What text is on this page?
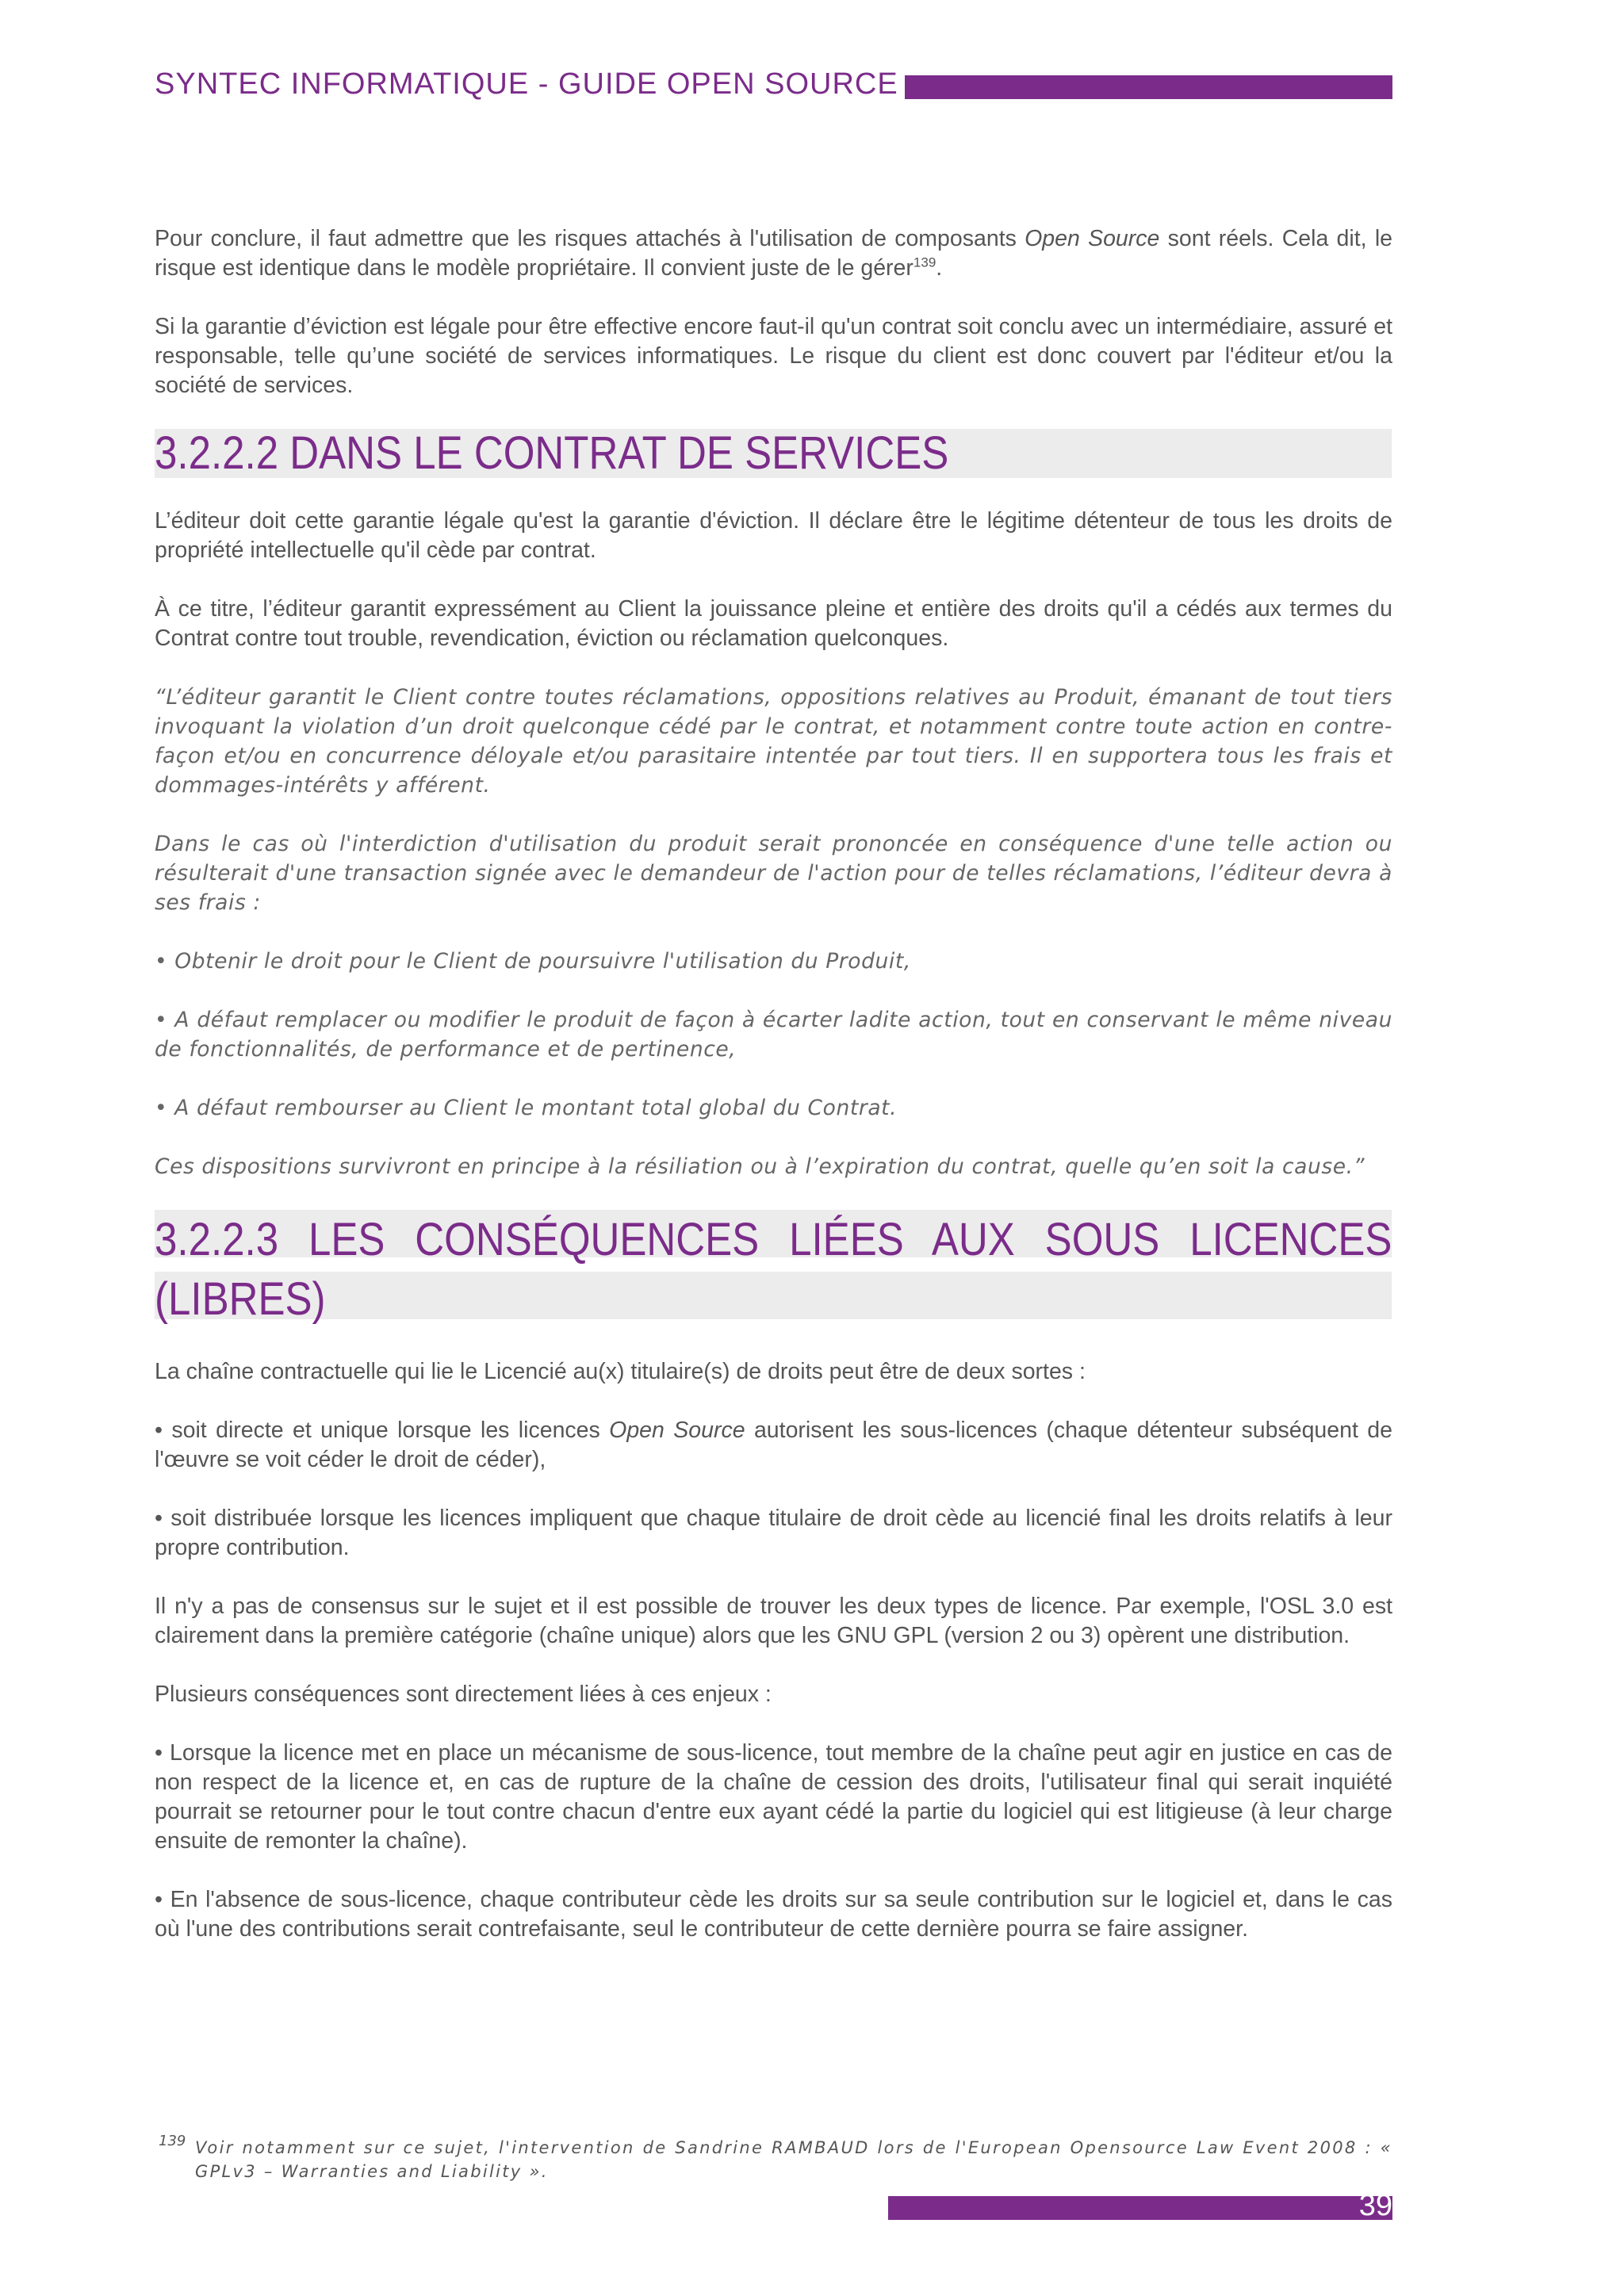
SYNTEC INFORMATIQUE - GUIDE OPEN SOURCE

Pour conclure, il faut admettre que les risques attachés à l'utilisation de composants Open Source sont réels. Cela dit, le risque est identique dans le modèle propriétaire. Il convient juste de le gérer$^{139}$.

Si la garantie d’éviction est légale pour être effective encore faut-il qu'un contrat soit conclu avec un intermédiaire, assuré et responsable, telle qu’une société de services informatiques. Le risque du client est donc couvert par l'éditeur et/ou la société de services.

3.2.2.2 DANS LE CONTRAT DE SERVICES

L’éditeur doit cette garantie légale qu'est la garantie d'éviction. Il déclare être le légitime détenteur de tous les droits de propriété intellectuelle qu'il cède par contrat.

À ce titre, l’éditeur garantit expressément au Client la jouissance pleine et entière des droits qu'il a cédés aux termes du Contrat contre tout trouble, revendication, éviction ou réclamation quelconques.

“L’éditeur garantit le Client contre toutes réclamations, oppositions relatives au Produit, émanant de tout tiers invoquant la violation d’un droit quelconque cédé par le contrat, et notamment contre toute action en contre-façon et/ou en concurrence déloyale et/ou parasitaire intentée par tout tiers. Il en supportera tous les frais et dommages-intérêts y afférent.

Dans le cas où l'interdiction d'utilisation du produit serait prononcée en conséquence d'une telle action ou résulterait d'une transaction signée avec le demandeur de l'action pour de telles réclamations, l’éditeur devra à ses frais :

• Obtenir le droit pour le Client de poursuivre l'utilisation du Produit,

• A défaut remplacer ou modifier le produit de façon à écarter ladite action, tout en conservant le même niveau de fonctionnalités, de performance et de pertinence,

• A défaut rembourser au Client le montant total global du Contrat.

Ces dispositions survivront en principe à la résiliation ou à l’expiration du contrat, quelle qu’en soit la cause.”

3.2.2.3 LES CONSÉQUENCES LIÉES AUX SOUS LICENCES (LIBRES)

La chaîne contractuelle qui lie le Licencié au(x) titulaire(s) de droits peut être de deux sortes :

• soit directe et unique lorsque les licences Open Source autorisent les sous-licences (chaque détenteur subséquent de l'œuvre se voit céder le droit de céder),

• soit distribuée lorsque les licences impliquent que chaque titulaire de droit cède au licencié final les droits relatifs à leur propre contribution.

Il n'y a pas de consensus sur le sujet et il est possible de trouver les deux types de licence. Par exemple, l'OSL 3.0 est clairement dans la première catégorie (chaîne unique) alors que les GNU GPL (version 2 ou 3) opèrent une distribution.

Plusieurs conséquences sont directement liées à ces enjeux :

• Lorsque la licence met en place un mécanisme de sous-licence, tout membre de la chaîne peut agir en justice en cas de non respect de la licence et, en cas de rupture de la chaîne de cession des droits, l'utilisateur final qui serait inquiété pourrait se retourner pour le tout contre chacun d'entre eux ayant cédé la partie du logiciel qui est litigieuse (à leur charge ensuite de remonter la chaîne).

• En l'absence de sous-licence, chaque contributeur cède les droits sur sa seule contribution sur le logiciel et, dans le cas où l'une des contributions serait contrefaisante, seul le contributeur de cette dernière pourra se faire assigner.

139 Voir notamment sur ce sujet, l'intervention de Sandrine RAMBAUD lors de l'European Opensource Law Event 2008 : « GPLv3 – Warranties and Liability ».
39
